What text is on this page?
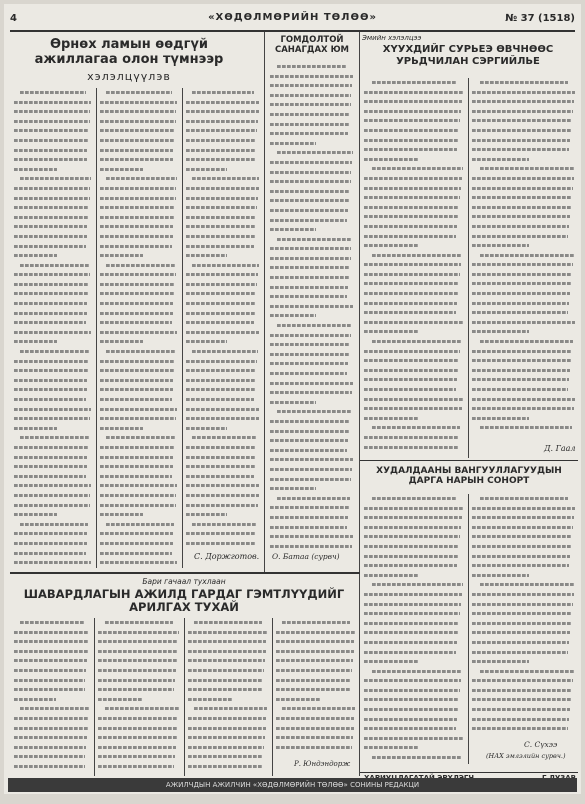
4	«ХӨДӨЛМӨРИЙН ТӨЛӨӨ»	№ 37 (1518)
Өрнөх ламын өөдгүй
ажиллагаа олон түмнээр
хэлэлцүүлэв
С. Доржготов.
ГОМДОЛТОЙ
САНАГДАХ ЮМ
О. Батаа (сурвч)
Эмийн хэлэлцээ
ХҮУХДИЙГ СУРЬЕЭ ӨВЧНӨӨС
УРЬДЧИЛАН СЭРГИЙЛЬЕ
Д. Гаал
ХУДАЛДААНЫ ВАНГУУЛЛАГУУДЫН
ДАРГА НАРЫН СОНОРТ
С. Сүхээ
(НАХ эмлэлийн сурвч.)
Бари гачаал тухлаан
ШАВАРДЛАГЫН АЖИЛД ГАРДАГ ГЭМТЛҮҮДИЙГ
АРИЛГАХ ТУХАЙ
Р. Юндэндорж
АЖИЛЧДЫН АЖИЛЧИН «ХӨДӨЛМӨРИЙН ТӨЛӨӨ» СОНИНЫ РЕДАКЦИ
